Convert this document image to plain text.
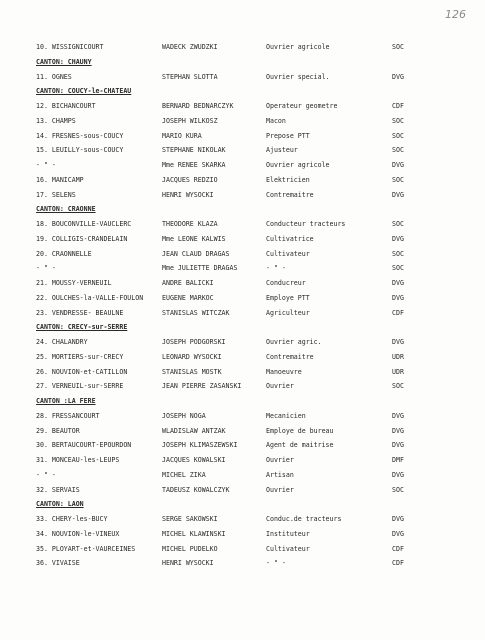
126
10. WISSIGNICOURT	WADECK ZWUDZKI	Ouvrier agricole	SOC
CANTON: CHAUNY
11. OGNES	STEPHAN SLOTTA	Ouvrier special.	DVG
CANTON: COUCY-le-CHATEAU
12. BICHANCOURT	BERNARD BEDNARCZYK	Operateur geometre	CDF
13. CHAMPS	JOSEPH WILKOSZ	Macon	SOC
14. FRESNES-sous-COUCY	MARIO KURA	Prepose PTT	SOC
15. LEUILLY-sous-COUCY	STEPHANE NIKOLAK	Ajusteur	SOC
- " -	Mme RENEE SKARKA	Ouvrier agricole	DVG
16. MANICAMP	JACQUES REDZIO	Elektricien	SOC
17. SELENS	HENRI WYSOCKI	Contremaitre	DVG
CANTON: CRAONNE
18. BOUCONVILLE-VAUCLERC	THEODORE KLAZA	Conducteur tracteurs	SOC
19. COLLIGIS-CRANDELAIN	Mme LEONE KALWIS	Cultivatrice	DVG
20. CRAONNELLE	JEAN CLAUD DRAGAS	Cultivateur	SOC
- " -	Mme JULIETTE DRAGAS	- " -	SOC
21. MOUSSY-VERNEUIL	ANDRE BALICKI	Conducreur	DVG
22. OULCHES-la-VALLE-FOULON	EUGENE MARKOC	Employe PTT	DVG
23. VENDRESSE- BEAULNE	STANISLAS WITCZAK	Agriculteur	CDF
CANTON: CRECY-sur-SERRE
24. CHALANDRY	JOSEPH PODGORSKI	Ouvrier agric.	DVG
25. MORTIERS-sur-CRECY	LEONARD WYSOCKI	Contremaitre	UDR
26. NOUVION-et-CATILLON	STANISLAS MOSTK	Manoeuvre	UDR
27. VERNEUIL-sur-SERRE	JEAN PIERRE ZASANSKI	Ouvrier	SOC
CANTON :LA FERE
28. FRESSANCOURT	JOSEPH NOGA	Mecanicien	DVG
29. BEAUTOR	WLADISLAW ANTZAK	Employe de bureau	DVG
30. BERTAUCOURT-EPOURDON	JOSEPH KLIMASZEWSKI	Agent de maitrise	DVG
31. MONCEAU-les-LEUPS	JACQUES KOWALSKI	Ouvrier	DMF
- " -	MICHEL ZIKA	Artisan	DVG
32. SERVAIS	TADEUSZ KOWALCZYK	Ouvrier	SOC
CANTON: LAON
33. CHERY-les-BUCY	SERGE SAKOWSKI	Conduc.de tracteurs	DVG
34. NOUVION-le-VINEUX	MICHEL KLAWINSKI	Instituteur	DVG
35. PLOYART-et-VAURCEINES	MICHEL PUDELKO	Cultivateur	CDF
36. VIVAISE	HENRI WYSOCKI	- " -	CDF
